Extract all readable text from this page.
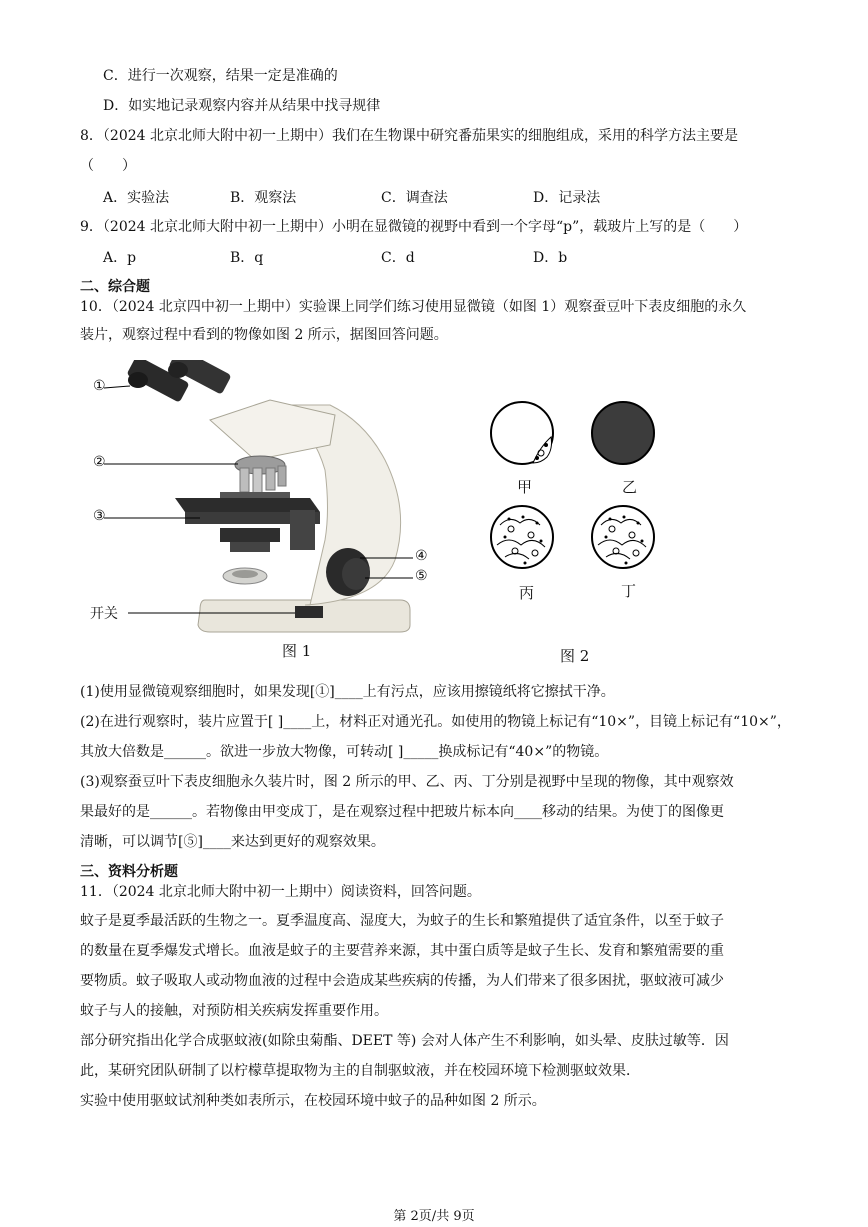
C．进行一次观察，结果一定是准确的
D．如实地记录观察内容并从结果中找寻规律
8．（2024 北京北师大附中初一上期中）我们在生物课中研究番茄果实的细胞组成，采用的科学方法主要是
（　　）
A．实验法	B．观察法	C．调查法	D．记录法
9．（2024 北京北师大附中初一上期中）小明在显微镜的视野中看到一个字母“p”，载玻片上写的是（　　）
A．p	B．q	C．d	D．b
二、综合题
10．（2024 北京四中初一上期中）实验课上同学们练习使用显微镜（如图 1）观察蚕豆叶下表皮细胞的永久
装片，观察过程中看到的物像如图 2 所示，据图回答问题。
①
②
③
④
⑤
开关
图 1
甲	乙
丙	丁
图 2
(1)使用显微镜观察细胞时，如果发现[①]____上有污点，应该用擦镜纸将它擦拭干净。
(2)在进行观察时，装片应置于[ ]____上，材料正对通光孔。如使用的物镜上标记有“10×”，目镜上标记有“10×”，
其放大倍数是______。欲进一步放大物像，可转动[ ]_____换成标记有“40×”的物镜。
(3)观察蚕豆叶下表皮细胞永久装片时，图 2 所示的甲、乙、丙、丁分别是视野中呈现的物像，其中观察效
果最好的是______。若物像由甲变成丁，是在观察过程中把玻片标本向____移动的结果。为使丁的图像更
清晰，可以调节[⑤]____来达到更好的观察效果。
三、资料分析题
11．（2024 北京北师大附中初一上期中）阅读资料，回答问题。
蚊子是夏季最活跃的生物之一。夏季温度高、湿度大，为蚊子的生长和繁殖提供了适宜条件，以至于蚊子
的数量在夏季爆发式增长。血液是蚊子的主要营养来源，其中蛋白质等是蚊子生长、发育和繁殖需要的重
要物质。蚊子吸取人或动物血液的过程中会造成某些疾病的传播，为人们带来了很多困扰，驱蚊液可减少
蚊子与人的接触，对预防相关疾病发挥重要作用。
部分研究指出化学合成驱蚊液(如除虫菊酯、DEET 等) 会对人体产生不利影响，如头晕、皮肤过敏等．因
此，某研究团队研制了以柠檬草提取物为主的自制驱蚊液，并在校园环境下检测驱蚊效果．
实验中使用驱蚊试剂种类如表所示，在校园环境中蚊子的品种如图 2 所示。
第 2页/共 9页
